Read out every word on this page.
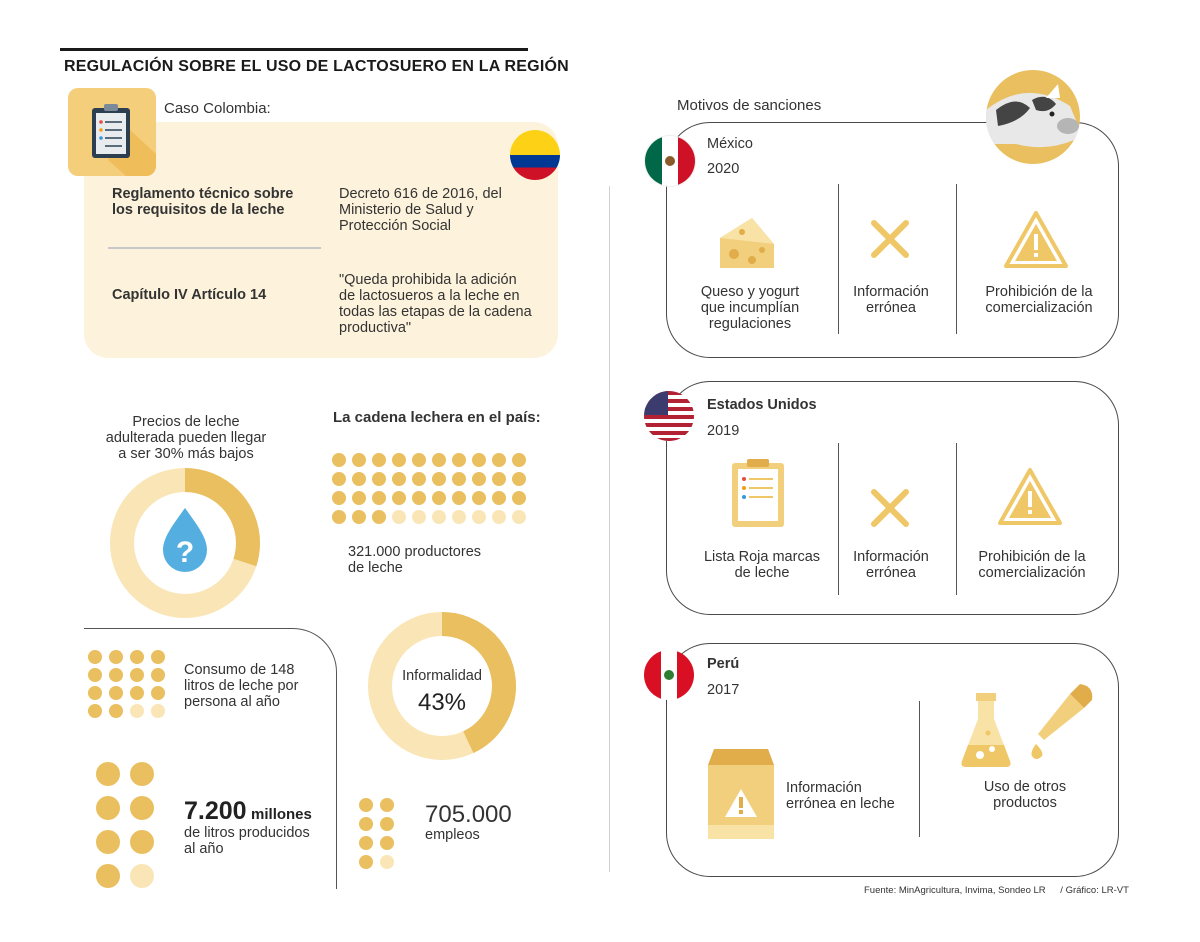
REGULACIÓN SOBRE EL USO DE LACTOSUERO EN LA REGIÓN
Caso Colombia:
Reglamento técnico sobre
los requisitos de la leche
Decreto 616 de 2016, del
Ministerio de Salud y
Protección Social
Capítulo IV Artículo 14
"Queda prohibida la adición
de lactosueros a la leche en
todas las etapas de la cadena
productiva"
Precios de leche
adulterada pueden llegar
a ser 30% más bajos
?
La cadena lechera en el país:
321.000 productores
de leche
Consumo de 148
litros de leche por
persona al año
7.200 millones
de litros producidos
al año
Informalidad
43%
705.000
empleos
Motivos de sanciones
México
2020
Queso y yogurt
que incumplían
regulaciones
Información
errónea
Prohibición de la
comercialización
Estados Unidos
2019
Lista Roja marcas
de leche
Información
errónea
Prohibición de la
comercialización
Perú
2017
Información
errónea en leche
Uso de otros
productos
Fuente: MinAgricultura, Invima, Sondeo LR / Gráfico: LR-VT
